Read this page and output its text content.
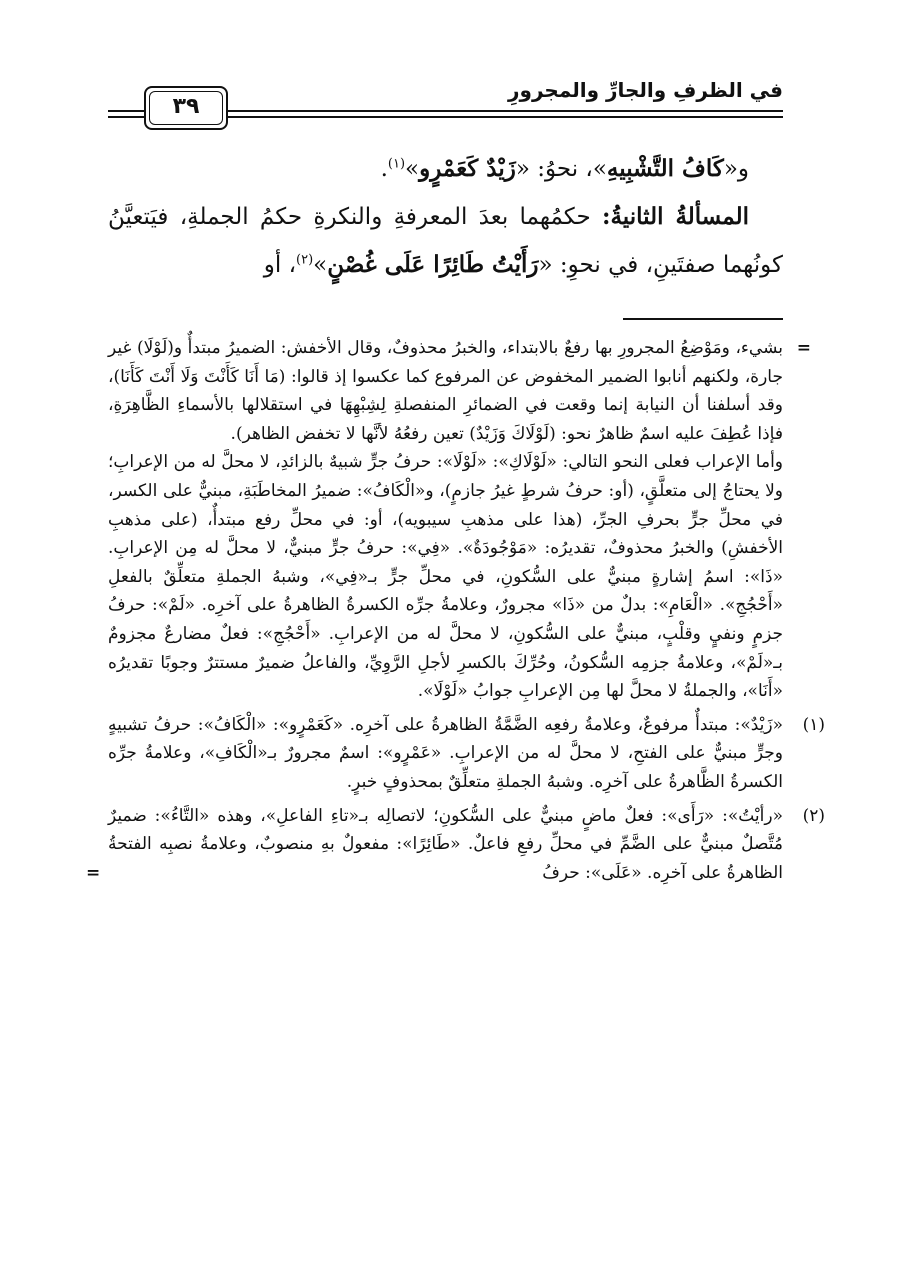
في الظرفِ والجارِّ والمجرورِ
٣٩

و«كَافُ التَّشْبِيهِ»، نحوُ: «زَيْدٌ كَعَمْرٍو»$^{(١)}$.

المسألةُ الثانيةُ: حكمُهما بعدَ المعرفةِ والنكرةِ حكمُ الجملةِ، فيَتعيَّنُ كونُهما صفتَينِ، في نحوِ: «رَأَيْتُ طَائِرًا عَلَى غُصْنٍ»$^{(٢)}$، أو

=

بشيء، ومَوْضِعُ المجرورِ بها رفعٌ بالابتداء، والخبرُ محذوفٌ، وقال الأخفش: الضميرُ مبتدأٌ و(لَوْلَا) غير جارة، ولكنهم أنابوا الضمير المخفوض عن المرفوع كما عكسوا إذ قالوا: (مَا أَنَا كَأَنْتَ وَلَا أَنْتَ كَأَنَا)، وقد أسلفنا أن النيابة إنما وقعت في الضمائرِ المنفصلةِ لِشِبْهِهَا في استقلالها بالأسماءِ الظَّاهِرَةِ، فإذا عُطِفَ عليه اسمٌ ظاهرٌ نحو: (لَوْلَاكَ وَزَيْدٌ) تعين رفعُهُ لأنَّها لا تخفض الظاهر).

وأما الإعراب فعلى النحو التالي: «لَوْلَاكِ»: «لَوْلَا»: حرفُ جرٍّ شبيهٌ بالزائدِ، لا محلَّ له من الإعرابِ؛ ولا يحتاجُ إلى متعلَّقٍ، (أو: حرفُ شرطٍ غيرُ جازمٍ)، و«الْكَافُ»: ضميرُ المخاطَبَةِ، مبنيٌّ على الكسر، في محلِّ جرٍّ بحرفِ الجرِّ، (هذا على مذهبِ سيبويه)، أو: في محلِّ رفع مبتدأٌ، (على مذهبِ الأخفشِ) والخبرُ محذوفٌ، تقديرُه: «مَوْجُودَةٌ». «فِي»: حرفُ جرٍّ مبنيٌّ، لا محلَّ له مِن الإعرابِ. «ذَا»: اسمُ إشارةٍ مبنيٌّ على السُّكونِ، في محلِّ جرٍّ بـ«فِي»، وشبهُ الجملةِ متعلِّقٌ بالفعلِ «أَحْجُجِ». «الْعَامِ»: بدلٌ من «ذَا» مجرورٌ، وعلامةُ جرِّه الكسرةُ الظاهرةُ على آخرِه. «لَمْ»: حرفُ جزمٍ ونفيٍ وقلْبٍ، مبنيٌّ على السُّكونِ، لا محلَّ له من الإعرابِ. «أَحْجُجِ»: فعلٌ مضارعٌ مجزومٌ بـ«لَمْ»، وعلامةُ جزمِه السُّكونُ، وحُرِّكَ بالكسرِ لأجلِ الرَّوِيِّ، والفاعلُ ضميرٌ مستترٌ وجوبًا تقديرُه «أَنَا»، والجملةُ لا محلَّ لها مِن الإعرابِ جوابُ «لَوْلَا».

(١)

«زَيْدٌ»: مبتدأٌ مرفوعٌ، وعلامةُ رفعِه الضَّمَّةُ الظاهرةُ على آخرِه. «كَعَمْرٍو»: «الْكَافُ»: حرفُ تشبيهٍ وجرٍّ مبنيٌّ على الفتحِ، لا محلَّ له من الإعرابِ. «عَمْرٍو»: اسمٌ مجرورٌ بـ«الْكَافِ»، وعلامةُ جرِّه الكسرةُ الظَّاهرةُ على آخرِه. وشبهُ الجملةِ متعلِّقٌ بمحذوفٍ خبرٍ.

(٢)

«رأيْتُ»: «رَأَى»: فعلٌ ماضٍ مبنيٌّ على السُّكونِ؛ لاتصالِه بـ«تاءِ الفاعلِ»، وهذه «التَّاءُ»: ضميرٌ مُتَّصلٌ مبنيٌّ على الضَّمِّ في محلِّ رفعِ فاعلٌ. «طَائِرًا»: مفعولٌ بهِ منصوبٌ، وعلامةُ نصبِه الفتحةُ الظاهرةُ على آخرِه. «عَلَى»: حرفُ

=
